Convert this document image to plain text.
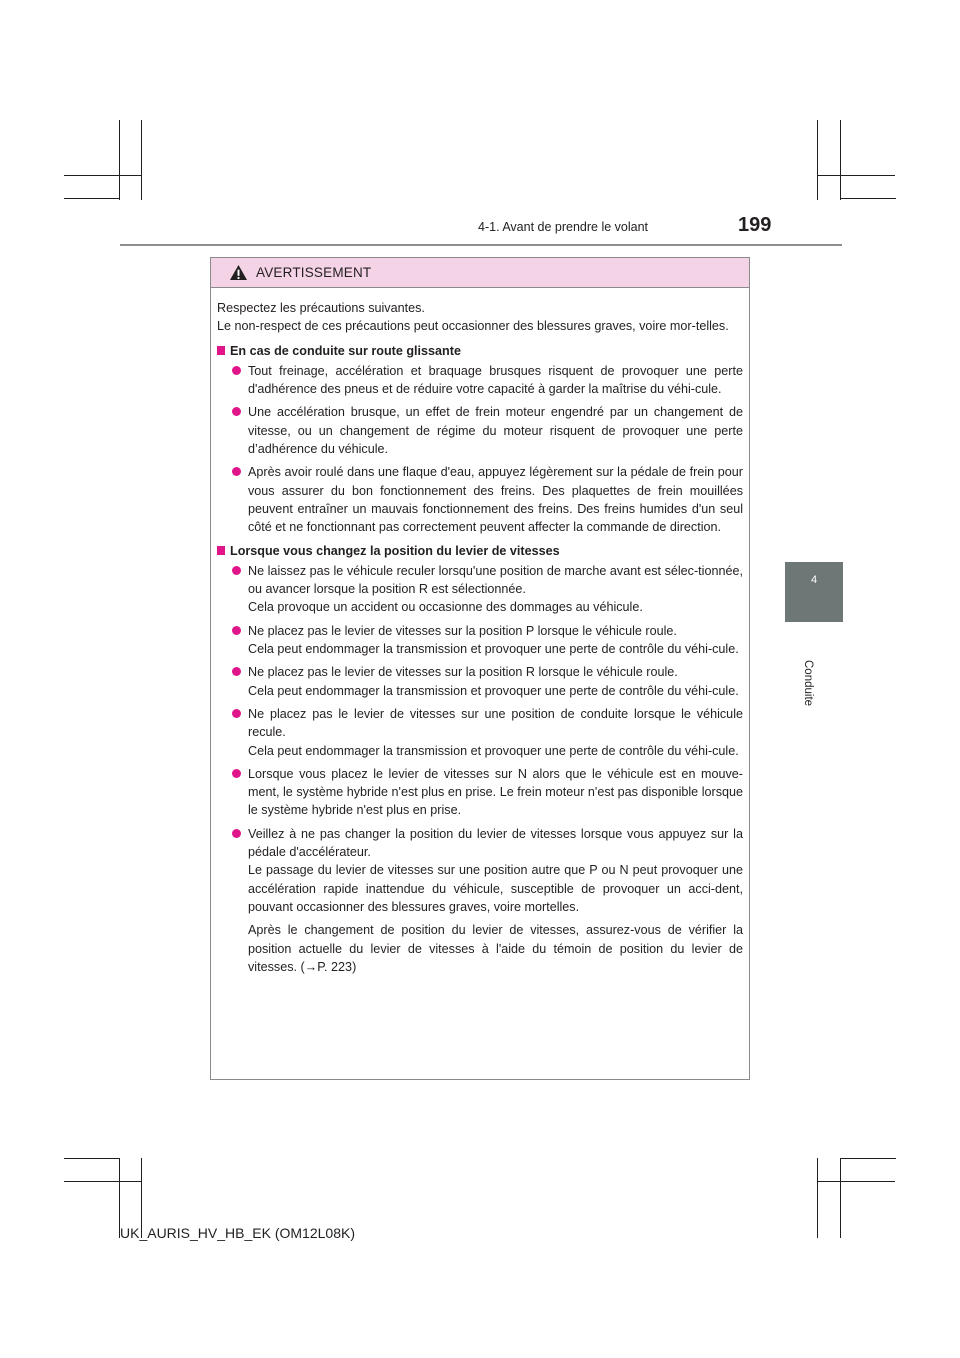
4-1. Avant de prendre le volant	199
4
Conduite
AVERTISSEMENT

Respectez les précautions suivantes.
Le non-respect de ces précautions peut occasionner des blessures graves, voire mor-telles.

En cas de conduite sur route glissante

Tout freinage, accélération et braquage brusques risquent de provoquer une perte d'adhérence des pneus et de réduire votre capacité à garder la maîtrise du véhi-cule.
Une accélération brusque, un effet de frein moteur engendré par un changement de vitesse, ou un changement de régime du moteur risquent de provoquer une perte d’adhérence du véhicule.
Après avoir roulé dans une flaque d'eau, appuyez légèrement sur la pédale de frein pour vous assurer du bon fonctionnement des freins. Des plaquettes de frein mouillées peuvent entraîner un mauvais fonctionnement des freins. Des freins humides d'un seul côté et ne fonctionnant pas correctement peuvent affecter la commande de direction.

Lorsque vous changez la position du levier de vitesses

Ne laissez pas le véhicule reculer lorsqu'une position de marche avant est sélec-tionnée, ou avancer lorsque la position R est sélectionnée.
Cela provoque un accident ou occasionne des dommages au véhicule.
Ne placez pas le levier de vitesses sur la position P lorsque le véhicule roule.
Cela peut endommager la transmission et provoquer une perte de contrôle du véhi-cule.
Ne placez pas le levier de vitesses sur la position R lorsque le véhicule roule.
Cela peut endommager la transmission et provoquer une perte de contrôle du véhi-cule.
Ne placez pas le levier de vitesses sur une position de conduite lorsque le véhicule recule.
Cela peut endommager la transmission et provoquer une perte de contrôle du véhi-cule.
Lorsque vous placez le levier de vitesses sur N alors que le véhicule est en mouve-ment, le système hybride n'est plus en prise. Le frein moteur n'est pas disponible lorsque le système hybride n'est plus en prise.
Veillez à ne pas changer la position du levier de vitesses lorsque vous appuyez sur la pédale d'accélérateur.
Le passage du levier de vitesses sur une position autre que P ou N peut provoquer une accélération rapide inattendue du véhicule, susceptible de provoquer un acci-dent, pouvant occasionner des blessures graves, voire mortelles.
Après le changement de position du levier de vitesses, assurez-vous de vérifier la position actuelle du levier de vitesses à l'aide du témoin de position du levier de vitesses. (→P. 223)
UK_AURIS_HV_HB_EK (OM12L08K)
